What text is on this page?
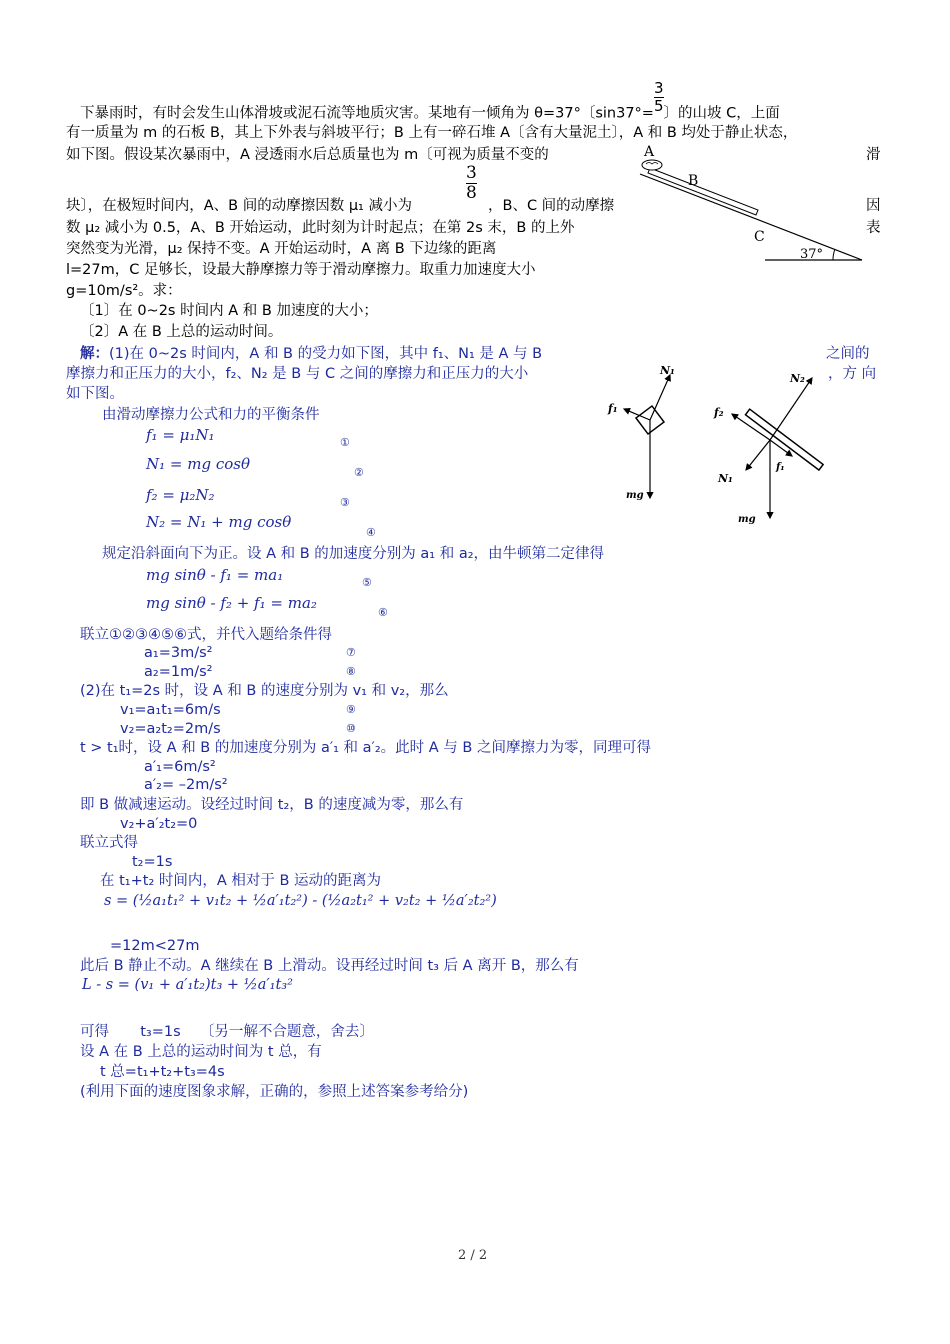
下暴雨时，有时会发生山体滑坡或泥石流等地质灾害。某地有一倾角为 θ=37°〔$\sin 37^\circ= \frac{3}{5}$ 〕的山坡 C，上面
有一质量为 m 的石板 B，其上下外表与斜坡平行；B 上有一碎石堆 A〔含有大量泥土〕，A 和 B 均处于静止状态，
如下图。假设某次暴雨中，A 浸透雨水后总质量也为 m〔可视为质量不变的	滑
$\frac{3}{8}$
块〕，在极短时间内，A、B 间的动摩擦因数 μ₁ 减小为	，B、C 间的动摩擦	因
数 μ₂ 减小为 0.5，A、B 开始运动，此时刻为计时起点；在第 2s 末，B 的上外	表
突然变为光滑，μ₂ 保持不变。A 开始运动时，A 离 B 下边缘的距离
l=27m，C 足够长，设最大静摩擦力等于滑动摩擦力。取重力加速度大小
g=10m/s²。求：
〔1〕在 0~2s 时间内 A 和 B 加速度的大小；
〔2〕A 在 B 上总的运动时间。
A
B
C
37°
解：(1)在 0~2s 时间内，A 和 B 的受力如下图，其中 f₁、N₁ 是 A 与 B	之间的
摩擦力和正压力的大小，f₂、N₂ 是 B 与 C 之间的摩擦力和正压力的大小	，方 向
如下图。
由滑动摩擦力公式和力的平衡条件
f₁ = μ₁N₁	①
N₁ = mg cosθ	②
f₂ = μ₂N₂	③
N₂ = N₁ + mg cosθ
④
N₁
f₁
mg
N₂
f₂
N₁
f₁
mg
规定沿斜面向下为正。设 A 和 B 的加速度分别为 a₁ 和 a₂，由牛顿第二定律得
mg sinθ - f₁ = ma₁	⑤
mg sinθ - f₂ + f₁ = ma₂
⑥
联立①②③④⑤⑥式，并代入题给条件得
a₁=3m/s²	⑦
a₂=1m/s²	⑧
(2)在 t₁=2s 时，设 A 和 B 的速度分别为 v₁ 和 v₂，那么
v₁=a₁t₁=6m/s	⑨
v₂=a₂t₂=2m/s	⑩
t > t₁时，设 A 和 B 的加速度分别为 a′₁ 和 a′₂。此时 A 与 B 之间摩擦力为零，同理可得
a′₁=6m/s²
a′₂= –2m/s²
即 B 做减速运动。设经过时间 t₂，B 的速度减为零，那么有
v₂+a′₂t₂=0
联立式得
t₂=1s
在 t₁+t₂ 时间内，A 相对于 B 运动的距离为
s = (½a₁t₁² + v₁t₂ + ½a′₁t₂²) - (½a₂t₁² + v₂t₂ + ½a′₂t₂²)
=12m<27m
此后 B 静止不动。A 继续在 B 上滑动。设再经过时间 t₃ 后 A 离开 B，那么有
L - s = (v₁ + a′₁t₂)t₃ + ½a′₁t₃²
可得 t₃=1s 〔另一解不合题意，舍去〕
设 A 在 B 上总的运动时间为 t 总，有
t 总=t₁+t₂+t₃=4s
(利用下面的速度图象求解，正确的，参照上述答案参考给分)
2 / 2
